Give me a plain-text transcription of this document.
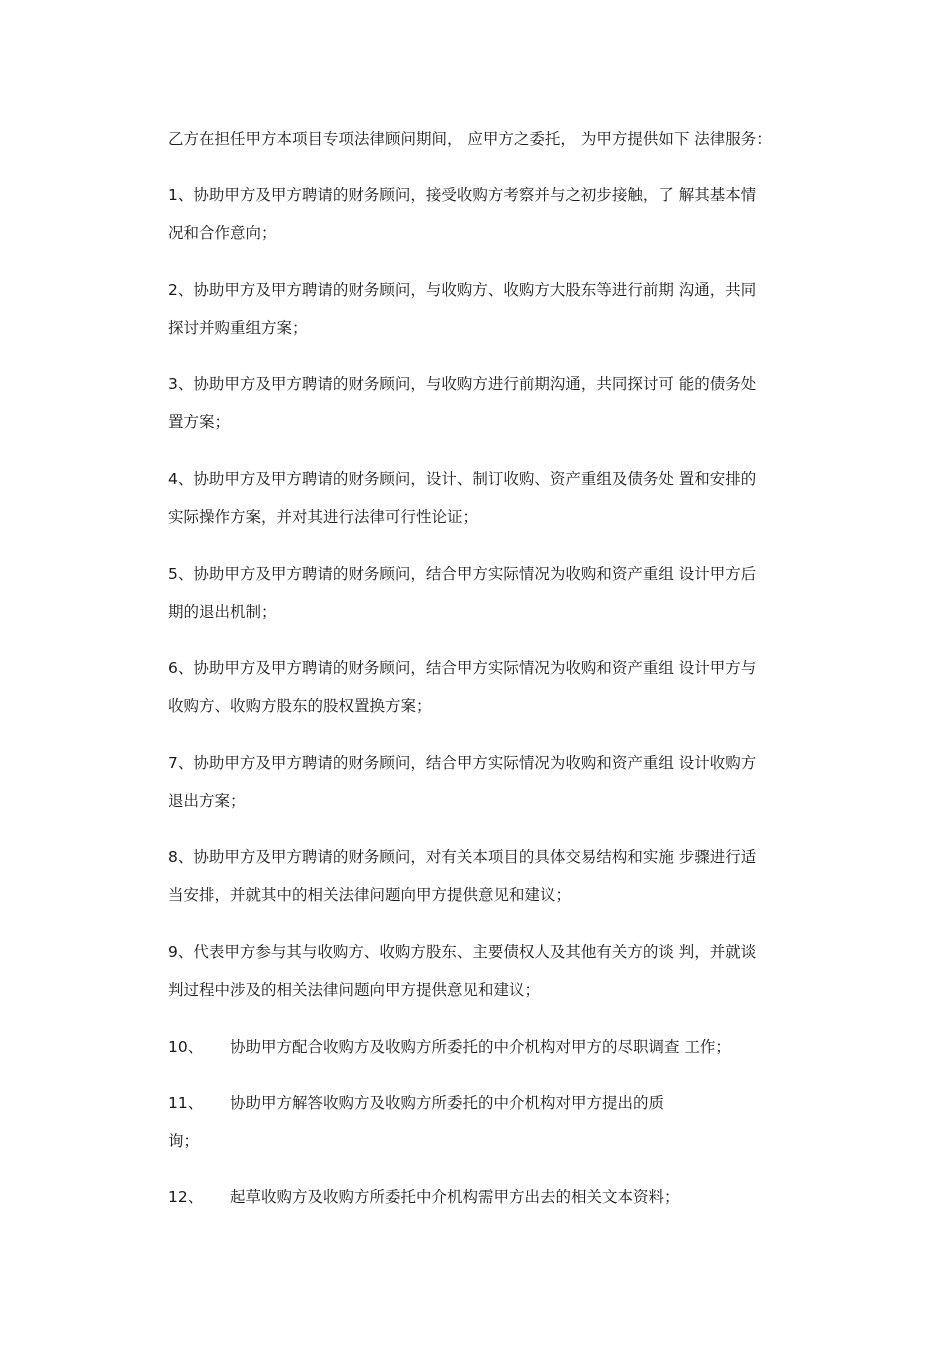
乙方在担任甲方本项目专项法律顾问期间， 应甲方之委托， 为甲方提供如下 法律服务：
1、协助甲方及甲方聘请的财务顾问，接受收购方考察并与之初步接触，了 解其基本情
况和合作意向；
2、协助甲方及甲方聘请的财务顾问，与收购方、收购方大股东等进行前期 沟通，共同
探讨并购重组方案；
3、协助甲方及甲方聘请的财务顾问，与收购方进行前期沟通，共同探讨可 能的债务处
置方案；
4、协助甲方及甲方聘请的财务顾问，设计、制订收购、资产重组及债务处 置和安排的
实际操作方案，并对其进行法律可行性论证；
5、协助甲方及甲方聘请的财务顾问，结合甲方实际情况为收购和资产重组 设计甲方后
期的退出机制；
6、协助甲方及甲方聘请的财务顾问，结合甲方实际情况为收购和资产重组 设计甲方与
收购方、收购方股东的股权置换方案；
7、协助甲方及甲方聘请的财务顾问，结合甲方实际情况为收购和资产重组 设计收购方
退出方案；
8、协助甲方及甲方聘请的财务顾问，对有关本项目的具体交易结构和实施 步骤进行适
当安排，并就其中的相关法律问题向甲方提供意见和建议；
9、代表甲方参与其与收购方、收购方股东、主要债权人及其他有关方的谈 判，并就谈
判过程中涉及的相关法律问题向甲方提供意见和建议；
10、 协助甲方配合收购方及收购方所委托的中介机构对甲方的尽职调查 工作；
11、 协助甲方解答收购方及收购方所委托的中介机构对甲方提出的质
询；
12、 起草收购方及收购方所委托中介机构需甲方出去的相关文本资料；
